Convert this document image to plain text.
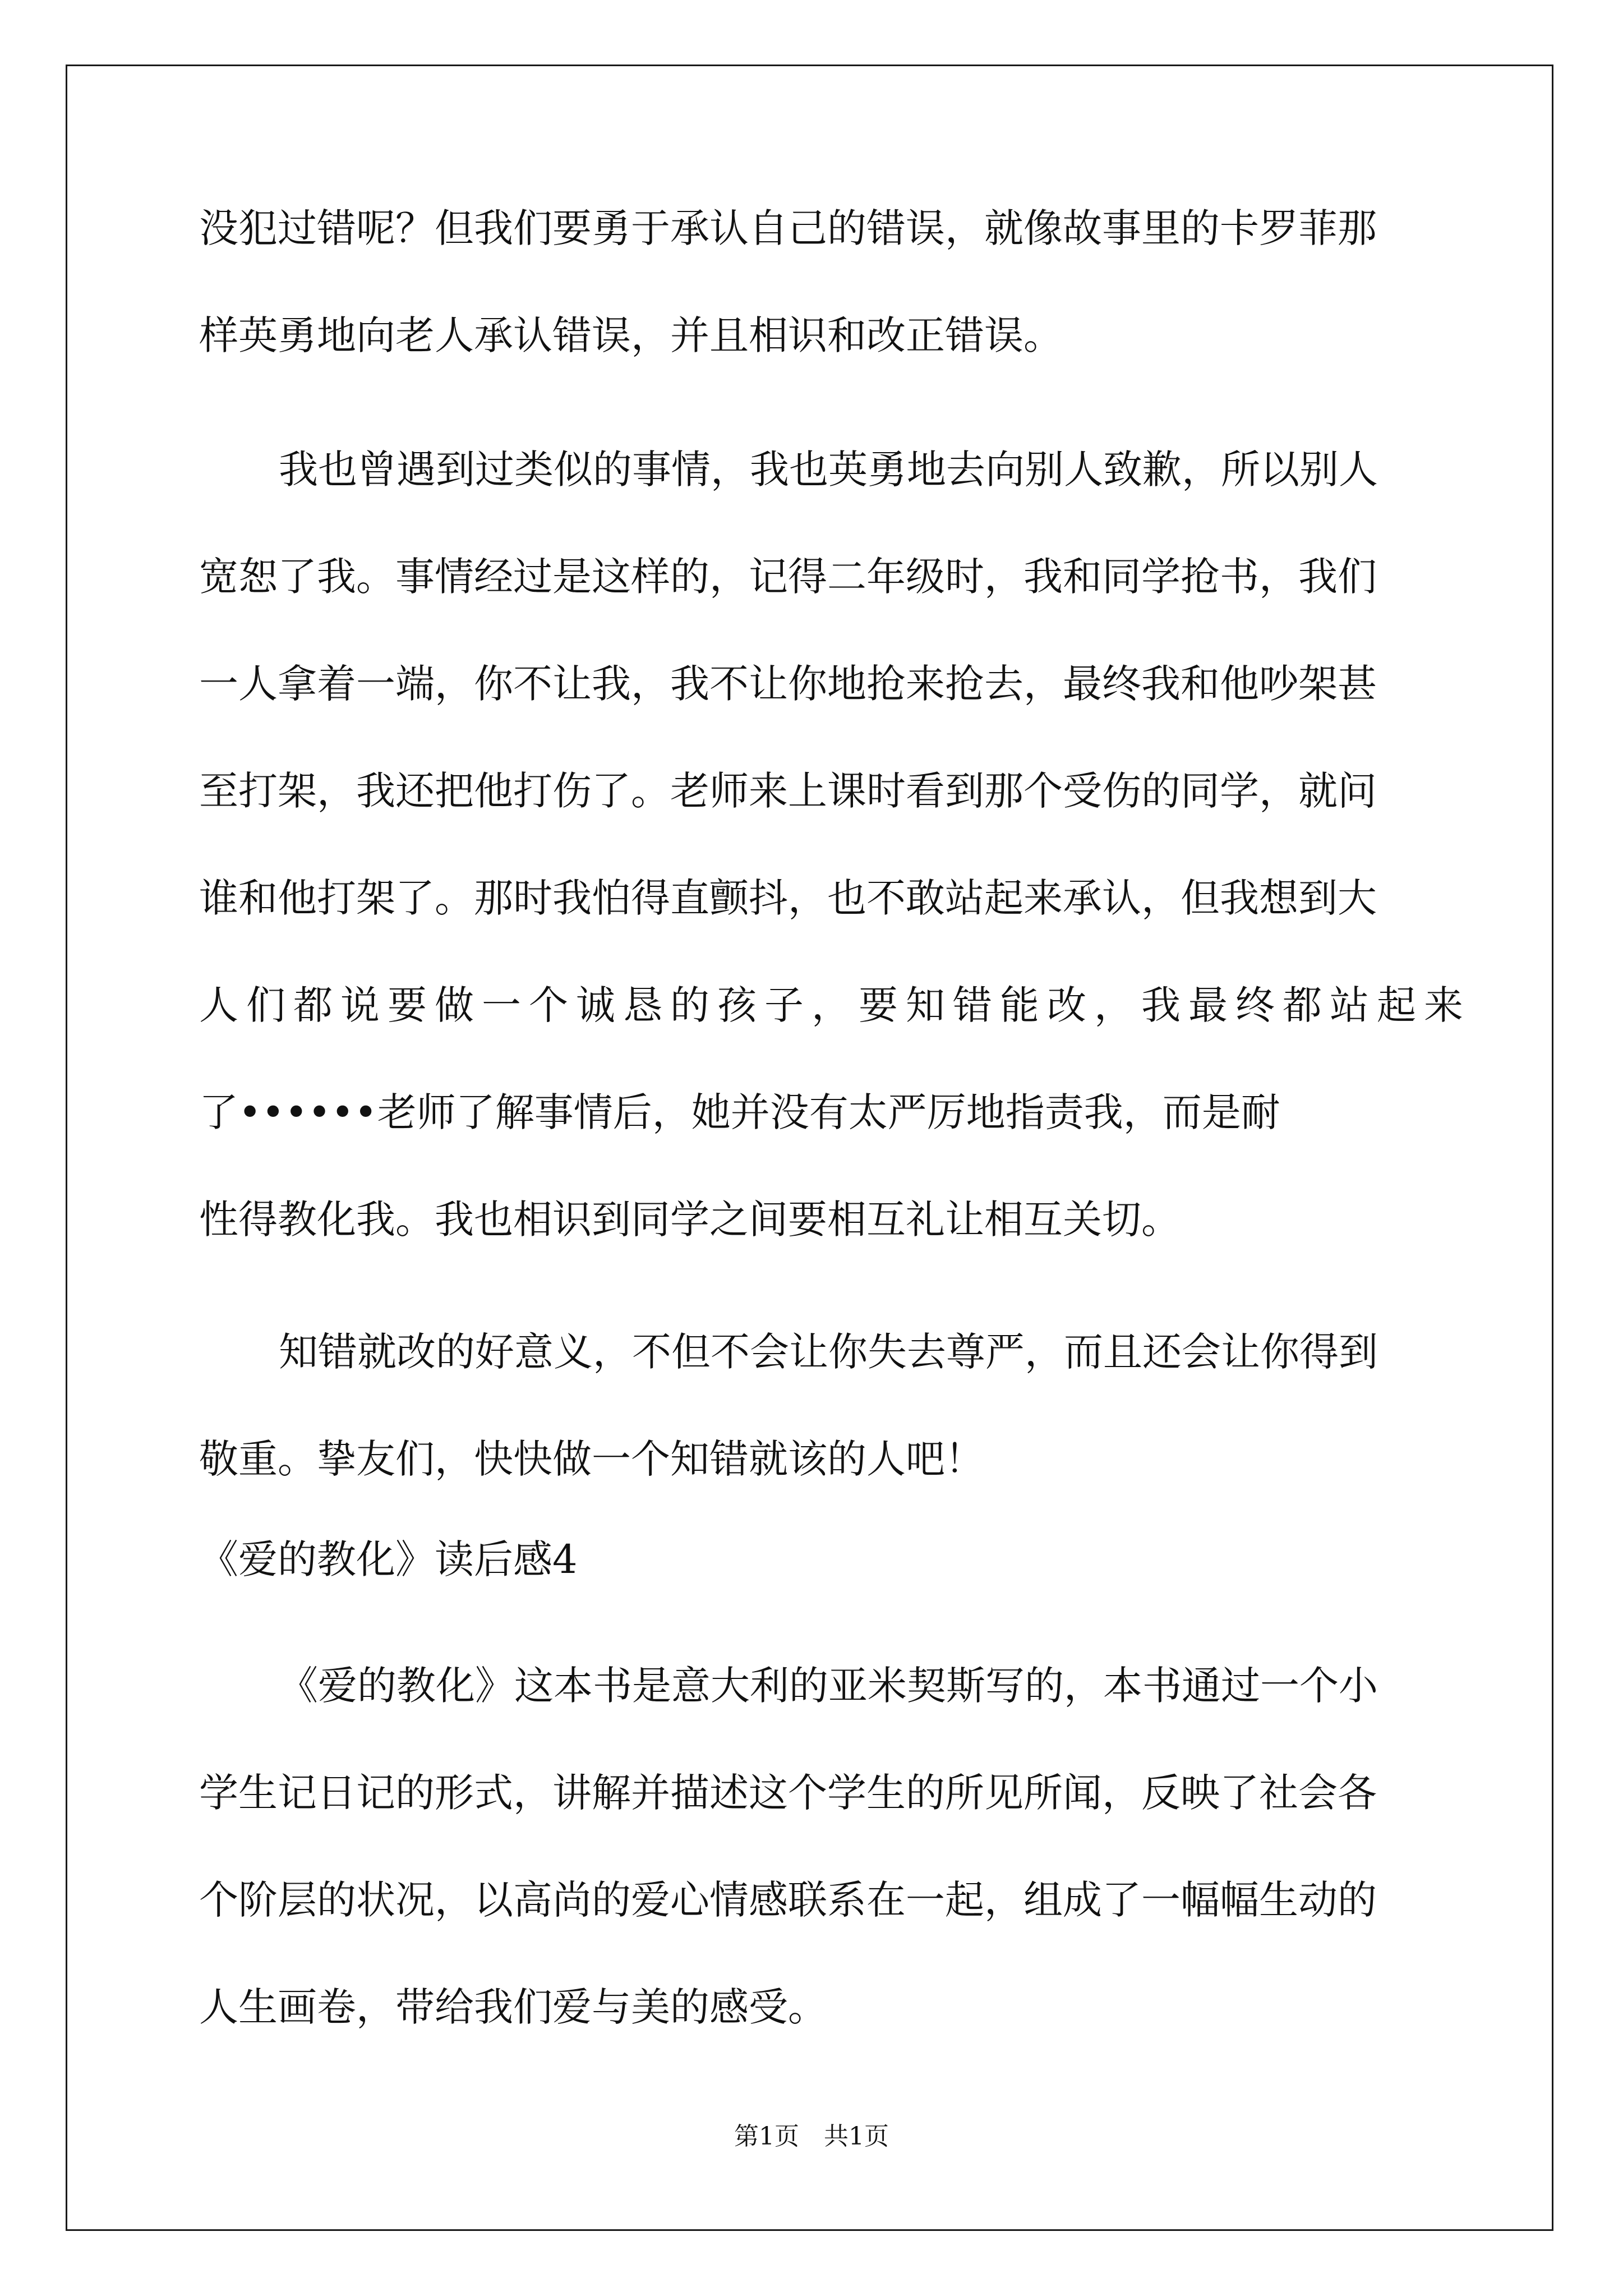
没犯过错呢？但我们要勇于承认自己的错误，就像故事里的卡罗菲那

样英勇地向老人承认错误，并且相识和改正错误。

我也曾遇到过类似的事情，我也英勇地去向别人致歉，所以别人

宽恕了我。事情经过是这样的，记得二年级时，我和同学抢书，我们

一人拿着一端，你不让我，我不让你地抢来抢去，最终我和他吵架甚

至打架，我还把他打伤了。老师来上课时看到那个受伤的同学，就问

谁和他打架了。那时我怕得直颤抖，也不敢站起来承认，但我想到大

人们都说要做一个诚恳的孩子，要知错能改，我最终都站起来

了••••••老师了解事情后，她并没有太严厉地指责我，而是耐

性得教化我。我也相识到同学之间要相互礼让相互关切。

知错就改的好意义，不但不会让你失去尊严，而且还会让你得到

敬重。挚友们，快快做一个知错就该的人吧！

《爱的教化》读后感4

《爱的教化》这本书是意大利的亚米契斯写的，本书通过一个小

学生记日记的形式，讲解并描述这个学生的所见所闻，反映了社会各

个阶层的状况，以高尚的爱心情感联系在一起，组成了一幅幅生动的

人生画卷，带给我们爱与美的感受。

第1页　共1页
